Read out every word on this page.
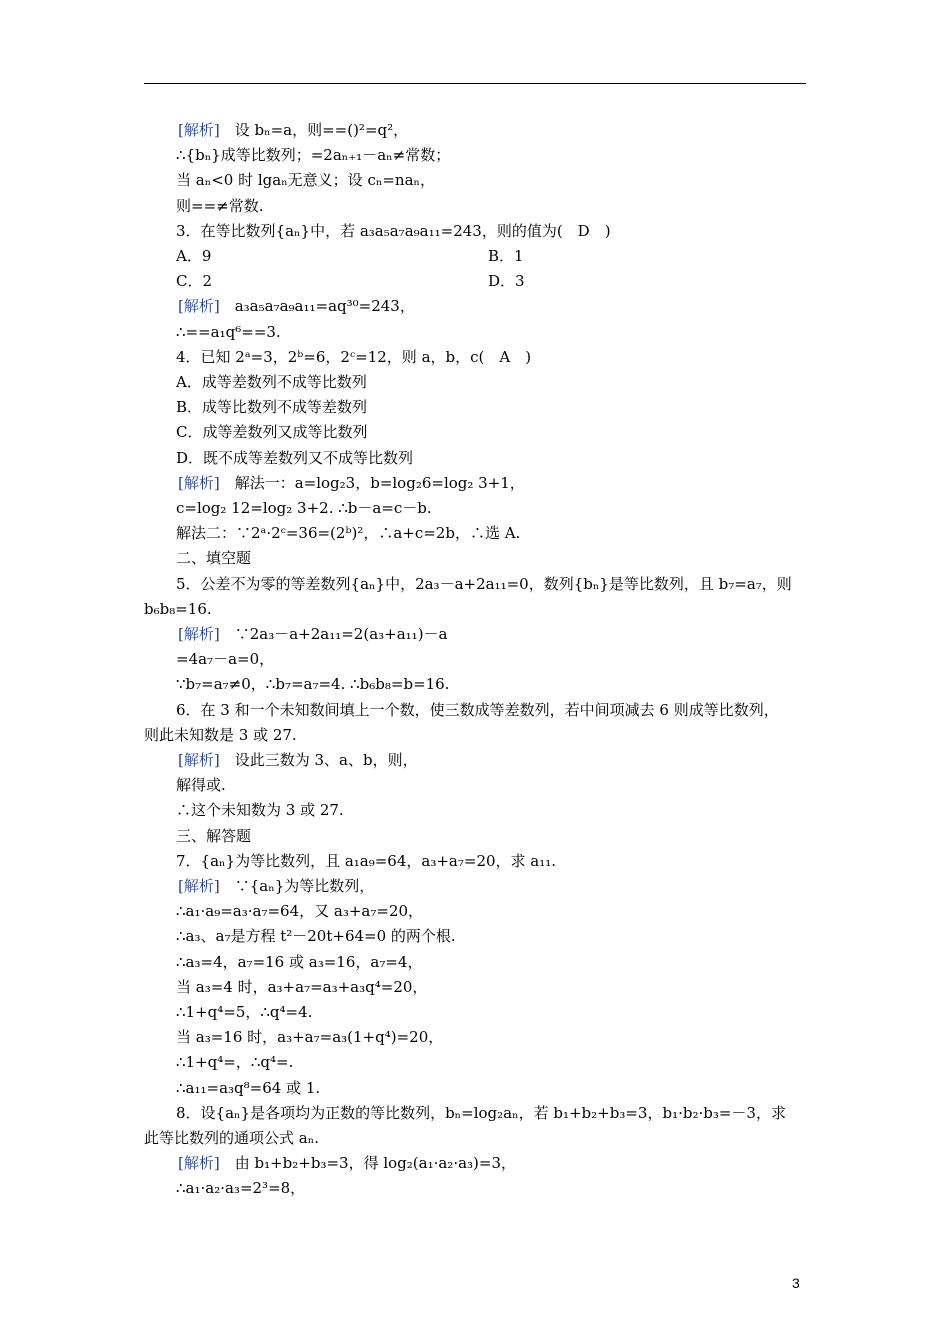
[解析]　设 bₙ=a，则==()²=q²，
∴{bₙ}成等比数列；=2aₙ₊₁－aₙ≠常数；
当 aₙ<0 时 lgaₙ无意义；设 cₙ=naₙ，
则==≠常数.
3．在等比数列{aₙ}中，若 a₃a₅a₇a₉a₁₁=243，则的值为(　D　)
A．9	B．1
C．2	D．3
[解析]　a₃a₅a₇a₉a₁₁=aq³⁰=243，
∴==a₁q⁶==3.
4．已知 2ᵃ=3，2ᵇ=6，2ᶜ=12，则 a，b，c(　A　)
A．成等差数列不成等比数列
B．成等比数列不成等差数列
C．成等差数列又成等比数列
D．既不成等差数列又不成等比数列
[解析]　解法一：a=log₂3，b=log₂6=log₂ 3+1，
c=log₂ 12=log₂ 3+2. ∴b－a=c－b.
解法二：∵2ᵃ·2ᶜ=36=(2ᵇ)²，∴a+c=2b，∴选 A.
二、填空题
5．公差不为零的等差数列{aₙ}中，2a₃－a+2a₁₁=0，数列{bₙ}是等比数列，且 b₇=a₇，则
b₆b₈=16.
[解析]　∵2a₃－a+2a₁₁=2(a₃+a₁₁)－a
=4a₇－a=0，
∵b₇=a₇≠0，∴b₇=a₇=4. ∴b₆b₈=b=16.
6．在 3 和一个未知数间填上一个数，使三数成等差数列，若中间项减去 6 则成等比数列，
则此未知数是 3 或 27.
[解析]　设此三数为 3、a、b，则，
解得或.
∴这个未知数为 3 或 27.
三、解答题
7．{aₙ}为等比数列，且 a₁a₉=64，a₃+a₇=20，求 a₁₁.
[解析]　∵{aₙ}为等比数列，
∴a₁·a₉=a₃·a₇=64，又 a₃+a₇=20，
∴a₃、a₇是方程 t²－20t+64=0 的两个根.
∴a₃=4，a₇=16 或 a₃=16，a₇=4，
当 a₃=4 时，a₃+a₇=a₃+a₃q⁴=20，
∴1+q⁴=5，∴q⁴=4.
当 a₃=16 时，a₃+a₇=a₃(1+q⁴)=20，
∴1+q⁴=，∴q⁴=.
∴a₁₁=a₃q⁸=64 或 1.
8．设{aₙ}是各项均为正数的等比数列，bₙ=log₂aₙ，若 b₁+b₂+b₃=3，b₁·b₂·b₃=－3，求
此等比数列的通项公式 aₙ.
[解析]　由 b₁+b₂+b₃=3，得 log₂(a₁·a₂·a₃)=3，
∴a₁·a₂·a₃=2³=8，
3
